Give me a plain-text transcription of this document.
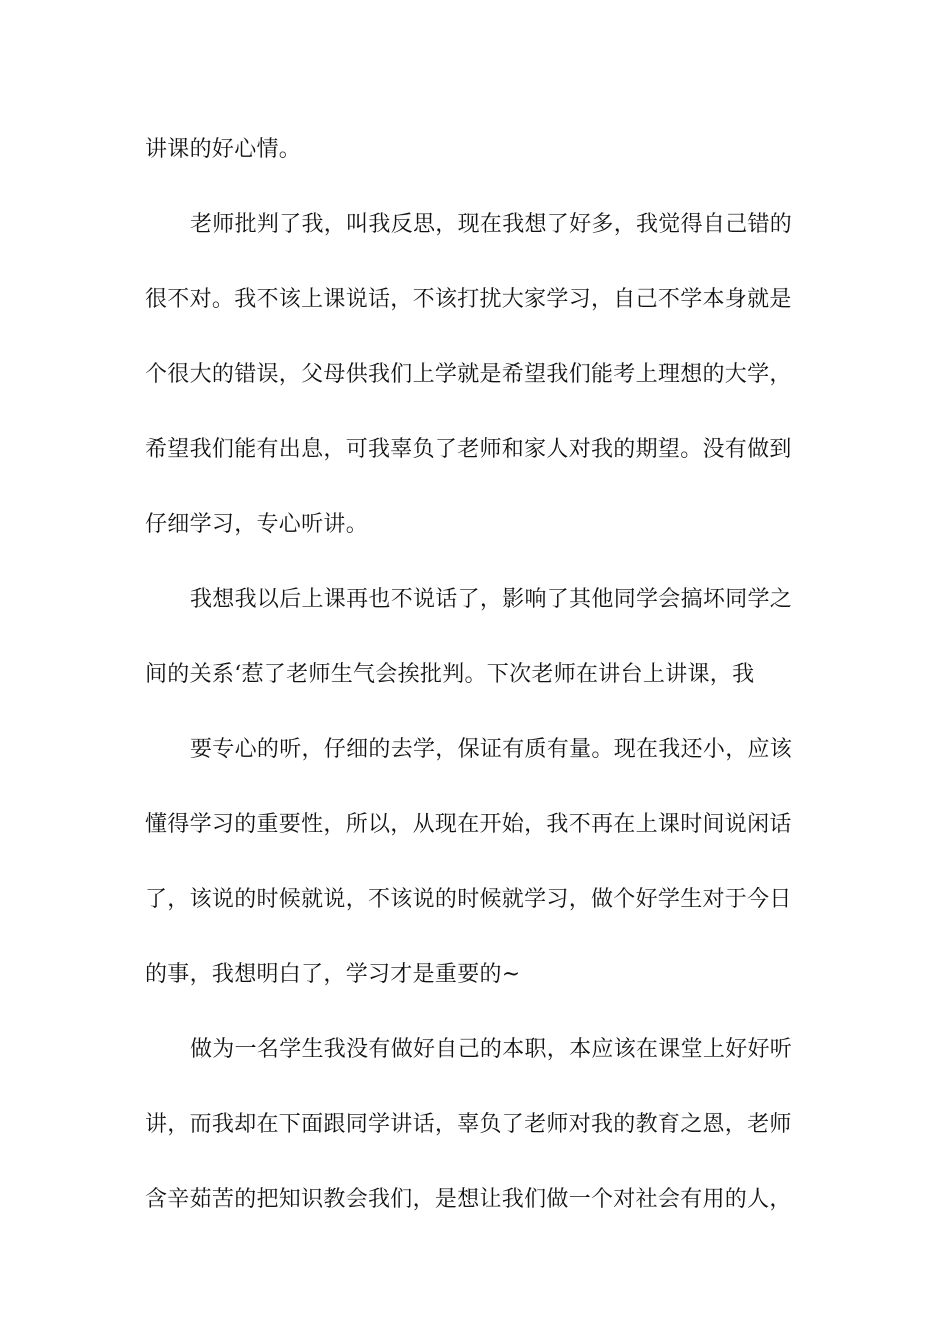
讲课的好心情。
老师批判了我，叫我反思，现在我想了好多，我觉得自己错的
很不对。我不该上课说话，不该打扰大家学习，自己不学本身就是
个很大的错误，父母供我们上学就是希望我们能考上理想的大学，
希望我们能有出息，可我辜负了老师和家人对我的期望。没有做到
仔细学习，专心听讲。
我想我以后上课再也不说话了，影响了其他同学会搞坏同学之
间的关系‘惹了老师生气会挨批判。下次老师在讲台上讲课，我
要专心的听，仔细的去学，保证有质有量。现在我还小，应该
懂得学习的重要性，所以，从现在开始，我不再在上课时间说闲话
了，该说的时候就说，不该说的时候就学习，做个好学生对于今日
的事，我想明白了，学习才是重要的~
做为一名学生我没有做好自己的本职，本应该在课堂上好好听
讲，而我却在下面跟同学讲话，辜负了老师对我的教育之恩，老师
含辛茹苦的把知识教会我们，是想让我们做一个对社会有用的人，
